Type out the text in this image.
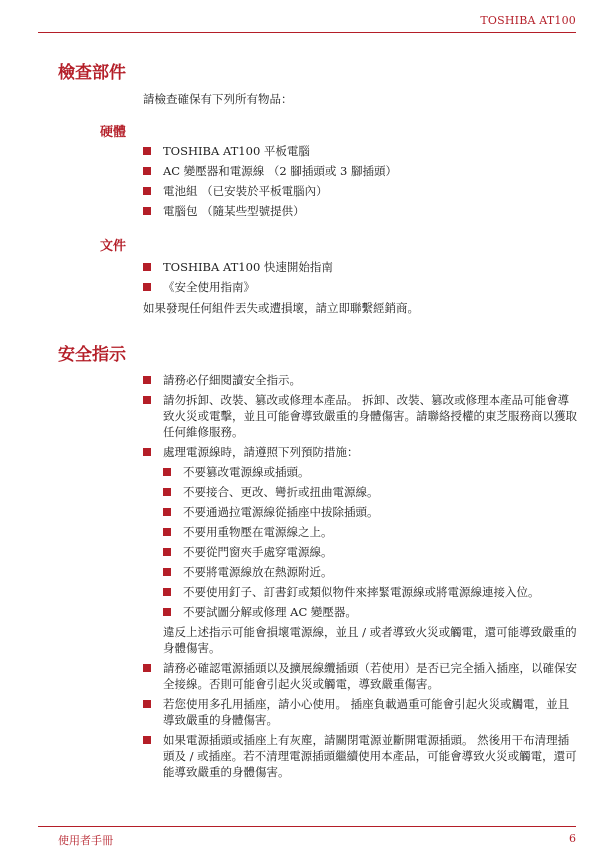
TOSHIBA AT100
檢查部件
請檢查確保有下列所有物品：
硬體
TOSHIBA AT100 平板電腦
AC 變壓器和電源線 （2 腳插頭或 3 腳插頭）
電池組 （已安裝於平板電腦內）
電腦包 （隨某些型號提供）
文件
TOSHIBA AT100 快速開始指南
《安全使用指南》
如果發現任何組件丟失或遭損壞，請立即聯繫經銷商。
安全指示
請務必仔細閱讀安全指示。
請勿拆卸、改裝、篡改或修理本產品。 拆卸、改裝、篡改或修理本產品可能會導致火災或電擊，並且可能會導致嚴重的身體傷害。請聯絡授權的東芝服務商以獲取任何維修服務。
處理電源線時，請遵照下列預防措施：
不要篡改電源線或插頭。
不要接合、更改、彎折或扭曲電源線。
不要通過拉電源線從插座中拔除插頭。
不要用重物壓在電源線之上。
不要從門窗夾手處穿電源線。
不要將電源線放在熱源附近。
不要使用釘子、訂書釘或類似物件來摔緊電源線或將電源線連接入位。
不要試圖分解或修理 AC 變壓器。
違反上述指示可能會損壞電源線，並且 / 或者導致火災或觸電，還可能導致嚴重的身體傷害。
請務必確認電源插頭以及擴展線纜插頭（若使用）是否已完全插入插座，以確保安全接線。否則可能會引起火災或觸電，導致嚴重傷害。
若您使用多孔用插座，請小心使用。 插座負載過重可能會引起火災或觸電，並且導致嚴重的身體傷害。
如果電源插頭或插座上有灰塵，請關閉電源並斷開電源插頭。 然後用干布清理插頭及 / 或插座。若不清理電源插頭繼續使用本產品，可能會導致火災或觸電，還可能導致嚴重的身體傷害。
使用者手冊	6
